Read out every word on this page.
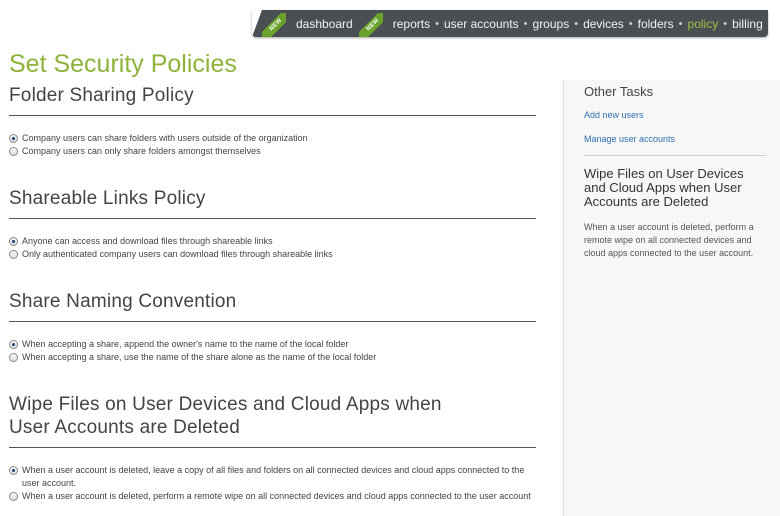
NEW	dashboard	NEW	reports • user accounts • groups • devices • folders • policy • billing
Set Security Policies
Folder Sharing Policy
Company users can share folders with users outside of the organization
Company users can only share folders amongst themselves
Shareable Links Policy
Anyone can access and download files through shareable links
Only authenticated company users can download files through shareable links
Share Naming Convention
When accepting a share, append the owner's name to the name of the local folder
When accepting a share, use the name of the share alone as the name of the local folder
Wipe Files on User Devices and Cloud Apps when User Accounts are Deleted
When a user account is deleted, leave a copy of all files and folders on all connected devices and cloud apps connected to the user account.
When a user account is deleted, perform a remote wipe on all connected devices and cloud apps connected to the user account
Other Tasks
Add new users
Manage user accounts
Wipe Files on User Devices and Cloud Apps when User Accounts are Deleted

When a user account is deleted, perform a remote wipe on all connected devices and cloud apps connected to the user account.
